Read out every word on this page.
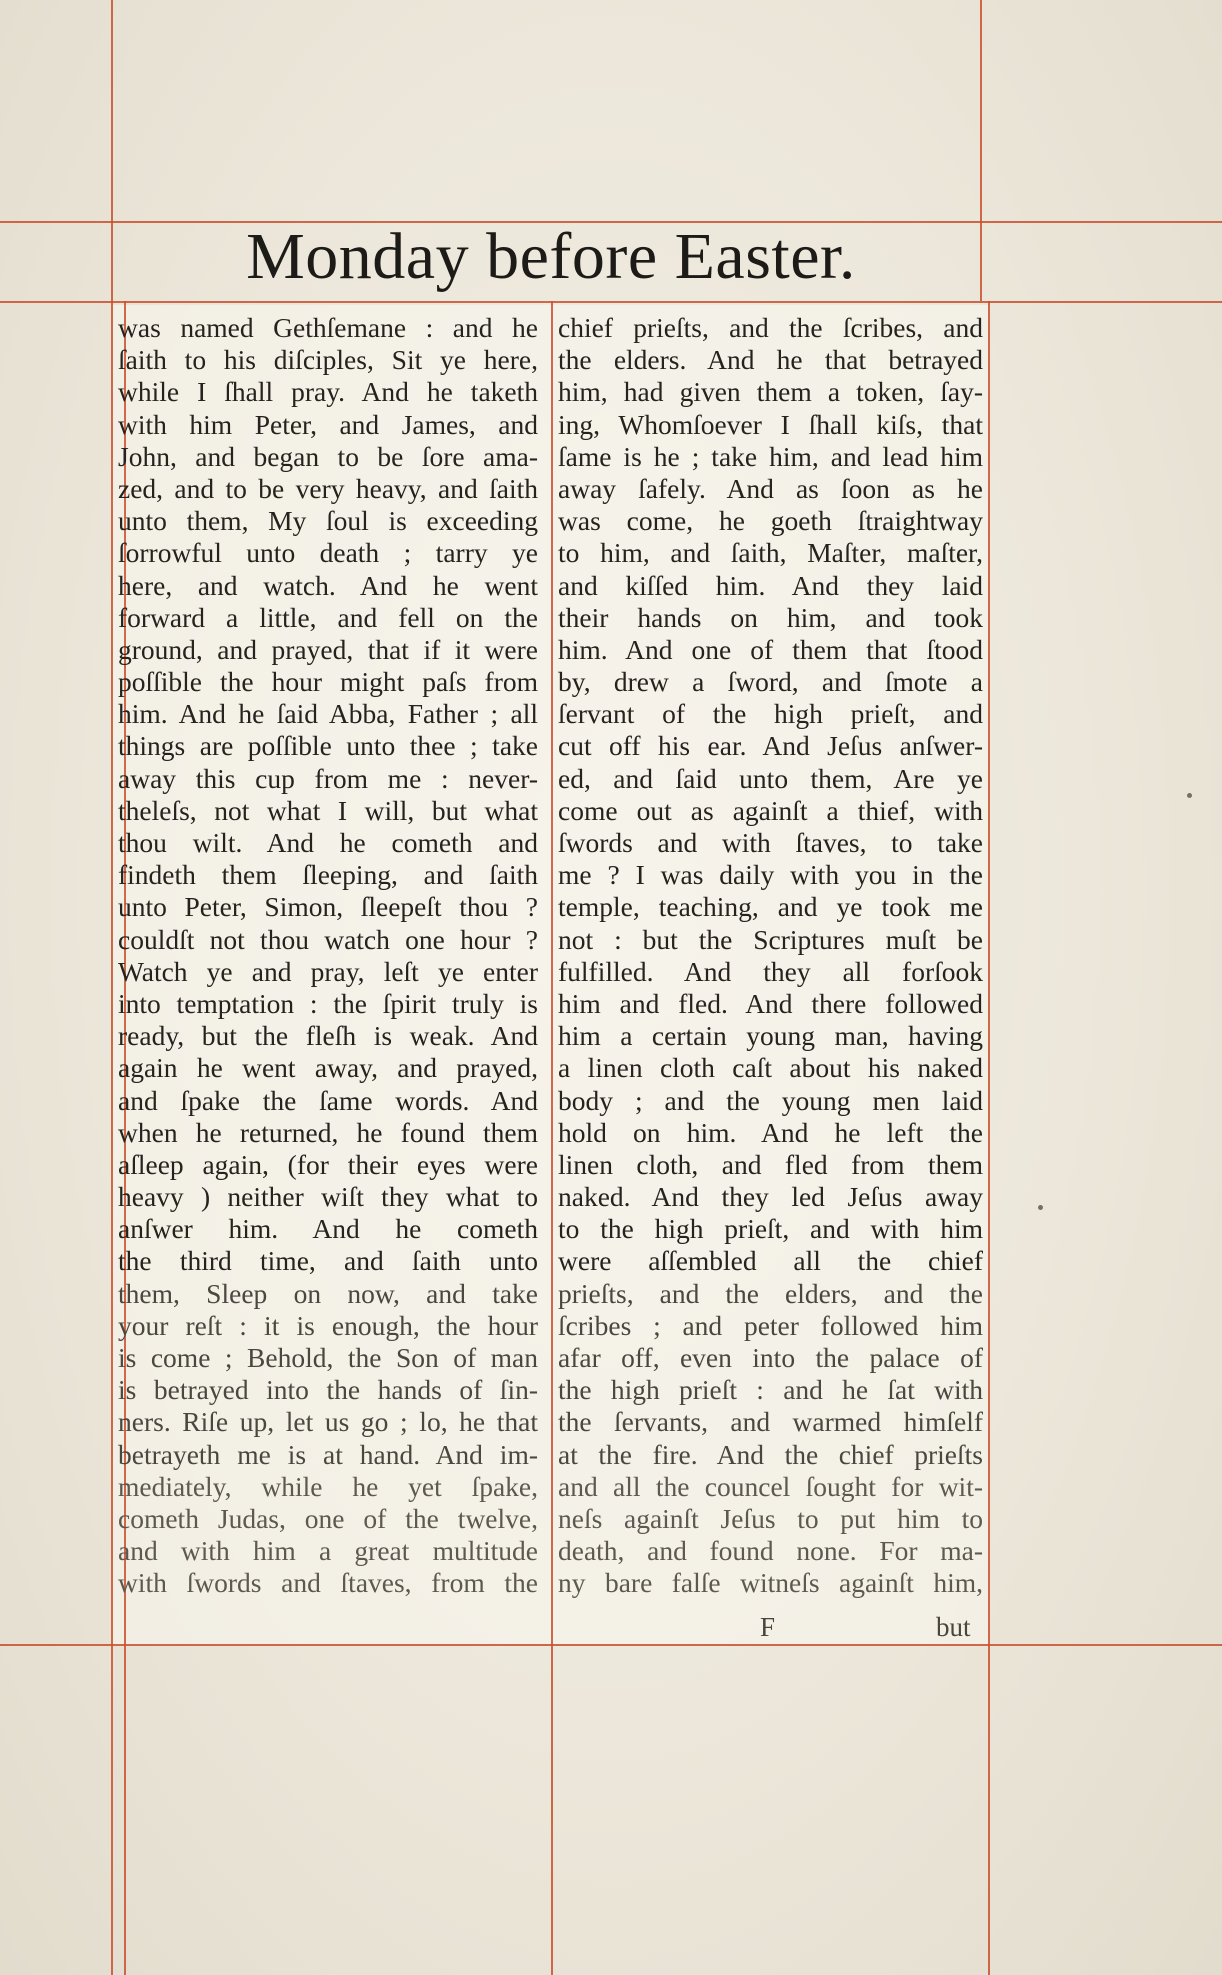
Monday before Easter.
was named Gethſemane : and he
ſaith to his diſciples, Sit ye here,
while I ſhall pray. And he taketh
with him Peter, and James, and
John, and began to be ſore ama-
zed, and to be very heavy, and ſaith
unto them, My ſoul is exceeding
ſorrowful unto death ; tarry ye
here, and watch. And he went
forward a little, and fell on the
ground, and prayed, that if it were
poſſible the hour might paſs from
him. And he ſaid Abba, Father ; all
things are poſſible unto thee ; take
away this cup from me : never-
theleſs, not what I will, but what
thou wilt. And he cometh and
findeth them ſleeping, and ſaith
unto Peter, Simon, ſleepeſt thou ?
couldſt not thou watch one hour ?
Watch ye and pray, leſt ye enter
into temptation : the ſpirit truly is
ready, but the fleſh is weak. And
again he went away, and prayed,
and ſpake the ſame words. And
when he returned, he found them
aſleep again, (for their eyes were
heavy ) neither wiſt they what to
anſwer him. And he cometh
the third time, and ſaith unto
them, Sleep on now, and take
your reſt : it is enough, the hour
is come ; Behold, the Son of man
is betrayed into the hands of ſin-
ners. Riſe up, let us go ; lo, he that
betrayeth me is at hand. And im-
mediately, while he yet ſpake,
cometh Judas, one of the twelve,
and with him a great multitude
with ſwords and ſtaves, from the
chief prieſts, and the ſcribes, and
the elders. And he that betrayed
him, had given them a token, ſay-
ing, Whomſoever I ſhall kiſs, that
ſame is he ; take him, and lead him
away ſafely. And as ſoon as he
was come, he goeth ſtraightway
to him, and ſaith, Maſter, maſter,
and kiſſed him. And they laid
their hands on him, and took
him. And one of them that ſtood
by, drew a ſword, and ſmote a
ſervant of the high prieſt, and
cut off his ear. And Jeſus anſwer-
ed, and ſaid unto them, Are ye
come out as againſt a thief, with
ſwords and with ſtaves, to take
me ? I was daily with you in the
temple, teaching, and ye took me
not : but the Scriptures muſt be
fulfilled. And they all forſook
him and fled. And there followed
him a certain young man, having
a linen cloth caſt about his naked
body ; and the young men laid
hold on him. And he left the
linen cloth, and fled from them
naked. And they led Jeſus away
to the high prieſt, and with him
were aſſembled all the chief
prieſts, and the elders, and the
ſcribes ; and peter followed him
afar off, even into the palace of
the high prieſt : and he ſat with
the ſervants, and warmed himſelf
at the fire. And the chief prieſts
and all the councel ſought for wit-
neſs againſt Jeſus to put him to
death, and found none. For ma-
ny bare falſe witneſs againſt him,
F	but
